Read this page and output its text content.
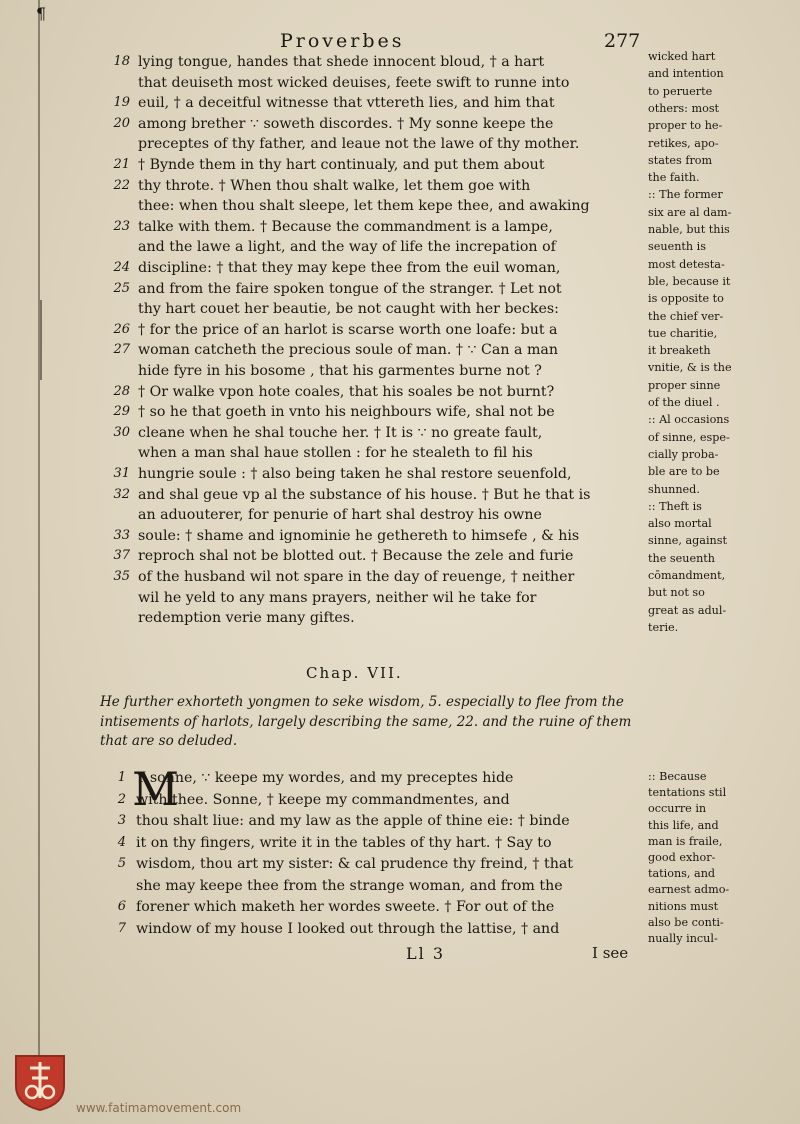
¶
Proverbes	277
18 lying tongue, handes that shede innocent bloud, † a hart
that deuiseth most wicked deuises, feete swift to runne into
19 euil, † a deceitful witnesse that vttereth lies, and him that
20 among brether ∵ soweth discordes. † My sonne keepe the
preceptes of thy father, and leaue not the lawe of thy mother.
21 † Bynde them in thy hart continualy, and put them about
22 thy throte. † When thou shalt walke, let them goe with
thee: when thou shalt sleepe, let them kepe thee, and awaking
23 talke with them. † Because the commandment is a lampe,
and the lawe a light, and the way of life the increpation of
24 discipline: † that they may kepe thee from the euil woman,
25 and from the faire spoken tongue of the stranger. † Let not
thy hart couet her beautie, be not caught with her beckes:
26 † for the price of an harlot is scarse worth one loafe: but a
27 woman catcheth the precious soule of man. † ∵ Can a man
hide fyre in his bosome , that his garmentes burne not ?
28 † Or walke vpon hote coales, that his soales be not burnt?
29 † so he that goeth in vnto his neighbours wife, shal not be
30 cleane when he shal touche her. † It is ∵ no greate fault,
when a man shal haue stollen : for he stealeth to fil his
31 hungrie soule : † also being taken he shal restore seuenfold,
32 and shal geue vp al the substance of his house. † But he that is
an aduouterer, for penurie of hart shal destroy his owne
33 soule: † shame and ignominie he gethereth to himsefe , & his
37 reproch shal not be blotted out. † Because the zele and furie
35 of the husband wil not spare in the day of reuenge, † neither
wil he yeld to any mans prayers, neither wil he take for
redemption verie many giftes.
wicked hart
and intention
to peruerte
others: most
proper to he-
retikes, apo-
states from
the faith.
:: The former
six are al dam-
nable, but this
seuenth is
most detesta-
ble, because it
is opposite to
the chief ver-
tue charitie,
it breaketh
vnitie, & is the
proper sinne
of the diuel .
:: Al occasions
of sinne, espe-
cially proba-
ble are to be
shunned.
:: Theft is
also mortal
sinne, against
the seuenth
cōmandment,
but not so
great as adul-
terie.
Chap. VII.
He further exhorteth yongmen to seke wisdom, 5. especially to flee from the intisements of harlots, largely describing the same, 22. and the ruine of them that are so deluded.
M
1 Y sonne, ∵ keepe my wordes, and my preceptes hide
2 with thee. Sonne, † keepe my commandmentes, and
3 thou shalt liue: and my law as the apple of thine eie: † binde
4 it on thy fingers, write it in the tables of thy hart. † Say to
5 wisdom, thou art my sister: & cal prudence thy freind, † that
she may keepe thee from the strange woman, and from the
6 forener which maketh her wordes sweete. † For out of the
7 window of my house I looked out through the lattise, † and
:: Because
tentations stil
occurre in
this life, and
man is fraile,
good exhor-
tations, and
earnest admo-
nitions must
also be conti-
nually incul-
Ll 3	I see
www.fatimamovement.com
